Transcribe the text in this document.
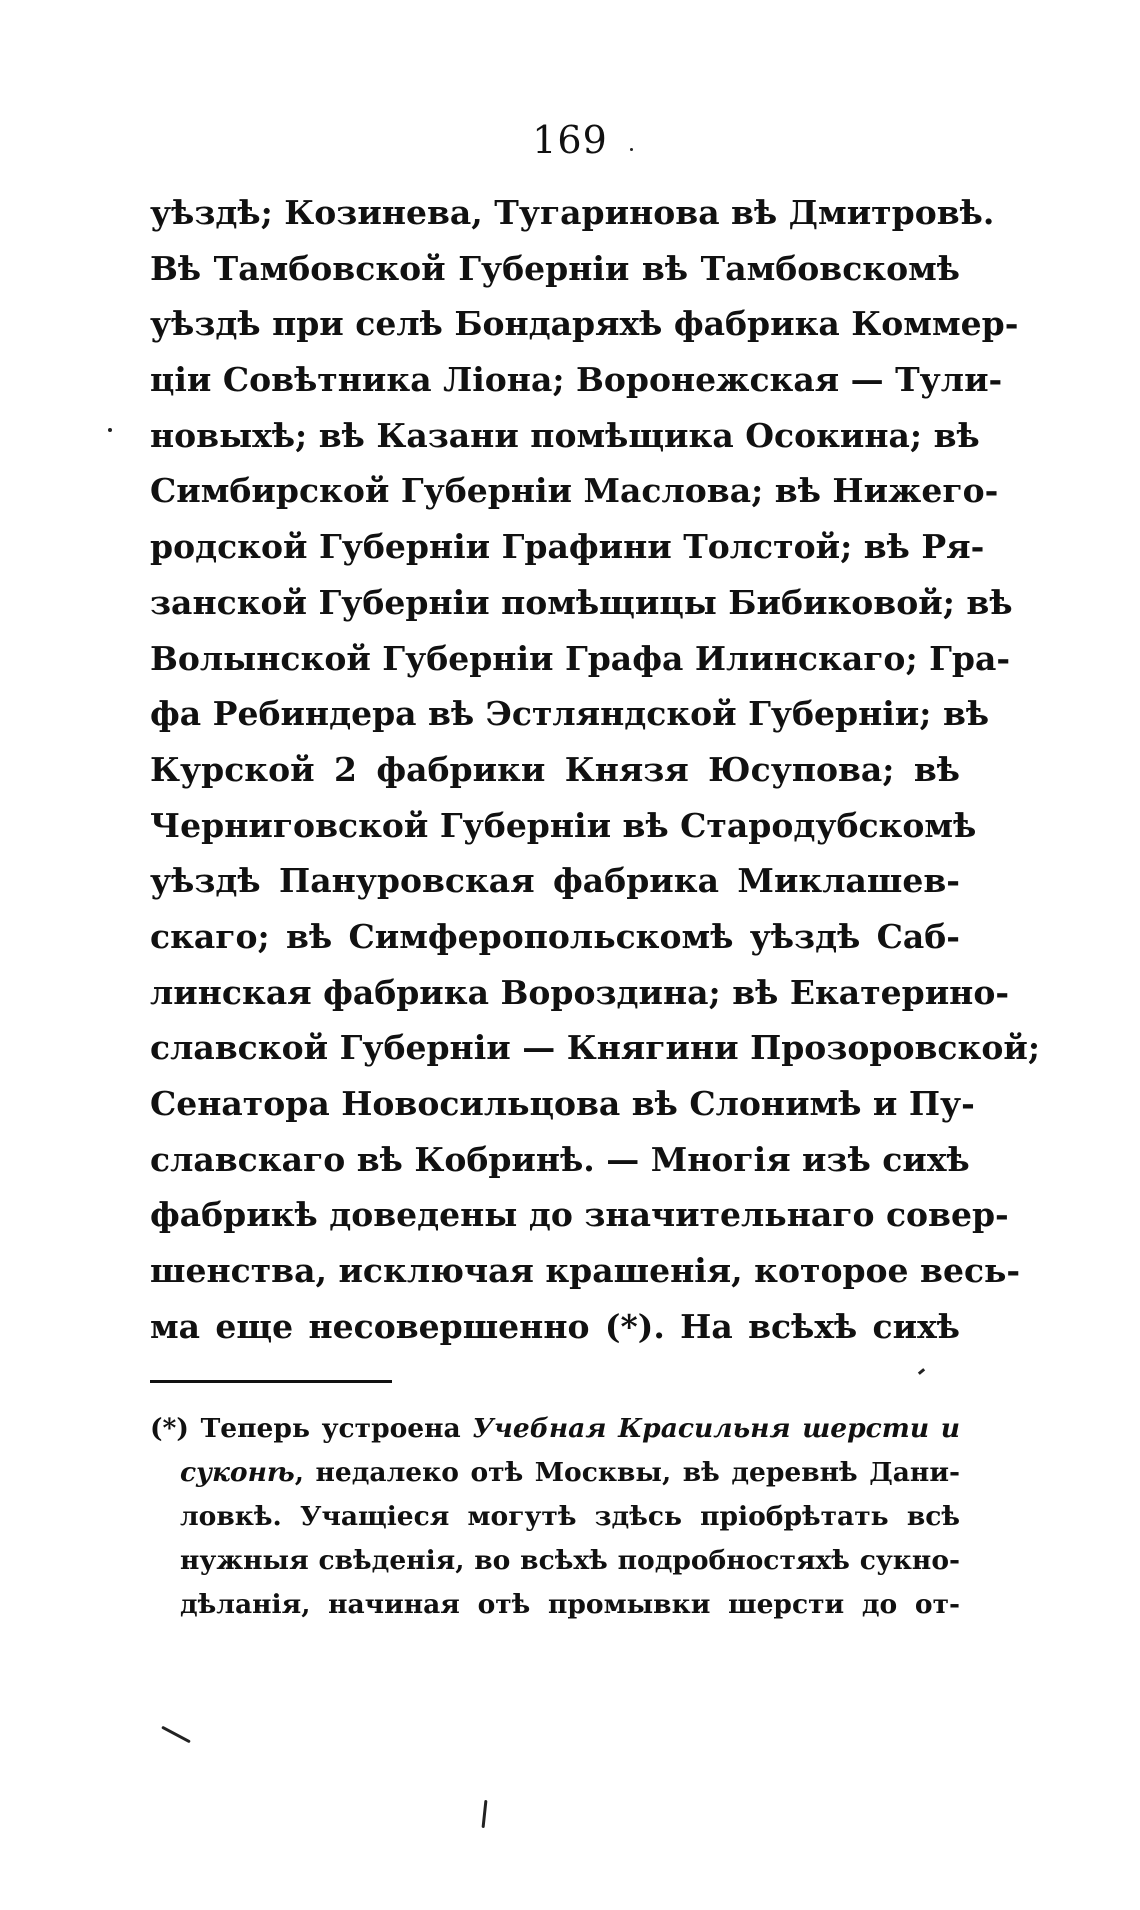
169
уѣздѣ; Козинева, Тугаринова вѣ Дмитровѣ.
Вѣ Тамбовской Губерніи вѣ Тамбовскомѣ
уѣздѣ при селѣ Бондаряхѣ фабрика Коммер-
ціи Совѣтника Ліона; Воронежская — Тули-
новыхѣ; вѣ Казани помѣщика Осокина; вѣ
Симбирской Губерніи Маслова; вѣ Нижего-
родской Губерніи Графини Толстой; вѣ Ря-
занской Губерніи помѣщицы Бибиковой; вѣ
Волынской Губерніи Графа Илинскаго; Гра-
фа Ребиндера вѣ Эстляндской Губерніи; вѣ
Курской 2 фабрики Князя Юсупова; вѣ
Черниговской Губерніи вѣ Стародубскомѣ
уѣздѣ Пануровская фабрика Миклашев-
скаго; вѣ Симферопольскомѣ уѣздѣ Саб-
линская фабрика Вороздина; вѣ Екатерино-
славской Губерніи — Княгини Прозоровской;
Сенатора Новосильцова вѣ Слонимѣ и Пу-
славскаго вѣ Кобринѣ. — Многія изѣ сихѣ
фабрикѣ доведены до значительнаго совер-
шенства, исключая крашенія, которое весь-
ма еще несовершенно (*). На всѣхѣ сихѣ
(*) Теперь устроена Учебная Красильня шерсти и
суконѣ, недалеко отѣ Москвы, вѣ деревнѣ Дани-
ловкѣ. Учащіеся могутѣ здѣсь пріобрѣтать всѣ
нужныя свѣденія, во всѣхѣ подробностяхѣ сукно-
дѣланія, начиная отѣ промывки шерсти до от-
